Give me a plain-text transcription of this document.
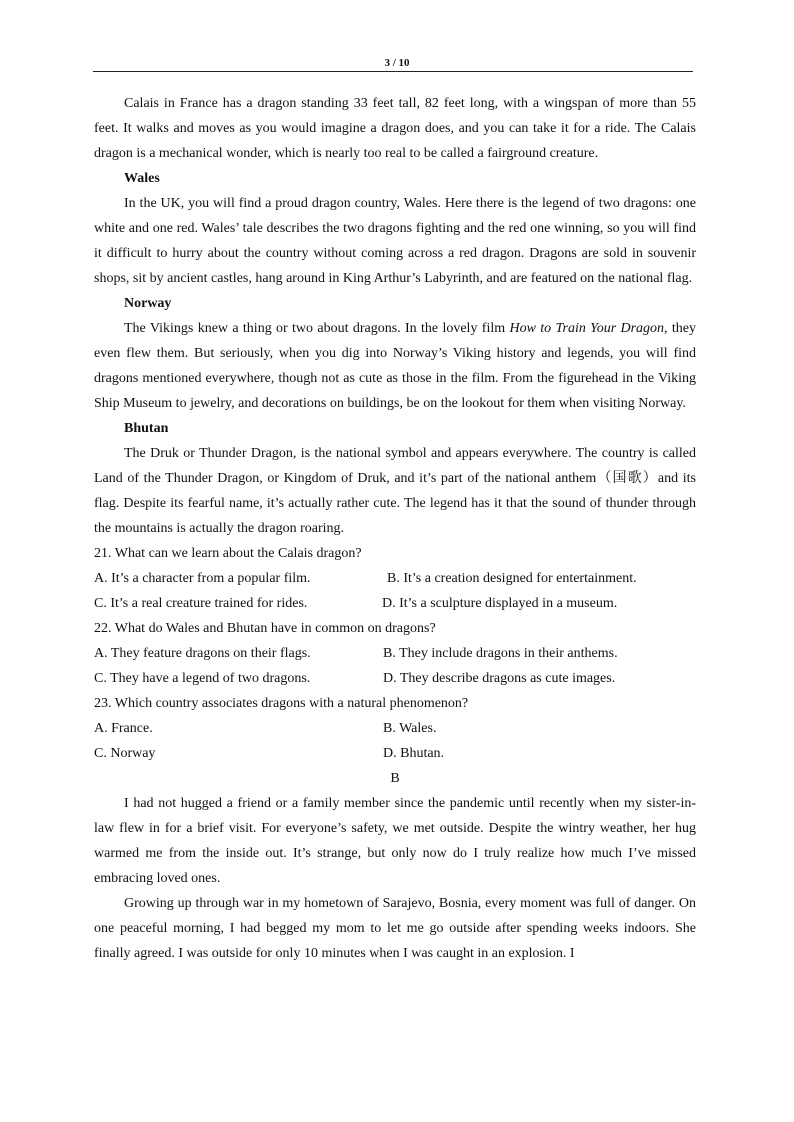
3 / 10

Calais in France has a dragon standing 33 feet tall, 82 feet long, with a wingspan of more than 55 feet. It walks and moves as you would imagine a dragon does, and you can take it for a ride. The Calais dragon is a mechanical wonder, which is nearly too real to be called a fairground creature.

Wales

In the UK, you will find a proud dragon country, Wales. Here there is the legend of two dragons: one white and one red. Wales’ tale describes the two dragons fighting and the red one winning, so you will find it difficult to hurry about the country without coming across a red dragon. Dragons are sold in souvenir shops, sit by ancient castles, hang around in King Arthur’s Labyrinth, and are featured on the national flag.

Norway

The Vikings knew a thing or two about dragons. In the lovely film How to Train Your Dragon, they even flew them. But seriously, when you dig into Norway’s Viking history and legends, you will find dragons mentioned everywhere, though not as cute as those in the film. From the figurehead in the Viking Ship Museum to jewelry, and decorations on buildings, be on the lookout for them when visiting Norway.

Bhutan

The Druk or Thunder Dragon, is the national symbol and appears everywhere. The country is called Land of the Thunder Dragon, or Kingdom of Druk, and it’s part of the national anthem（国歌）and its flag. Despite its fearful name, it’s actually rather cute. The legend has it that the sound of thunder through the mountains is actually the dragon roaring.

21. What can we learn about the Calais dragon?

A. It’s a character from a popular film.	B. It’s a creation designed for entertainment.
C. It’s a real creature trained for rides.	D. It’s a sculpture displayed in a museum.

22. What do Wales and Bhutan have in common on dragons?

A. They feature dragons on their flags.	B. They include dragons in their anthems.
C. They have a legend of two dragons.	D. They describe dragons as cute images.

23. Which country associates dragons with a natural phenomenon?

A. France.	B. Wales.
C. Norway	D. Bhutan.

B

I had not hugged a friend or a family member since the pandemic until recently when my sister-in-law flew in for a brief visit. For everyone’s safety, we met outside. Despite the wintry weather, her hug warmed me from the inside out. It’s strange, but only now do I truly realize how much I’ve missed embracing loved ones.

Growing up through war in my hometown of Sarajevo, Bosnia, every moment was full of danger. On one peaceful morning, I had begged my mom to let me go outside after spending weeks indoors. She finally agreed. I was outside for only 10 minutes when I was caught in an explosion. I
